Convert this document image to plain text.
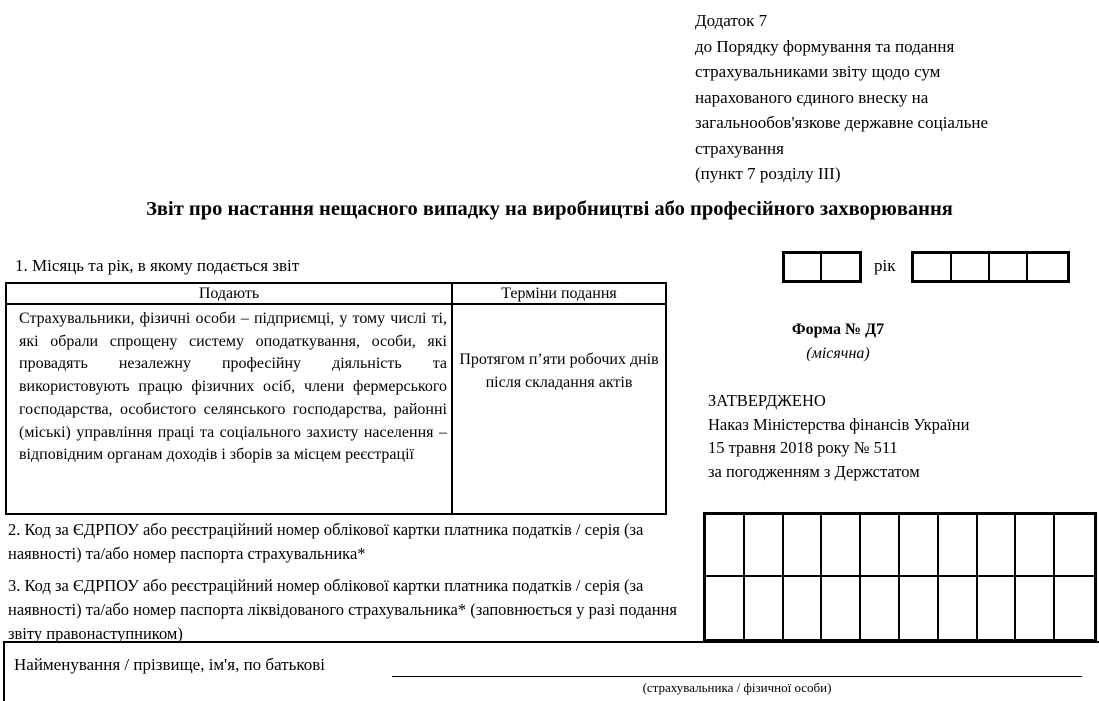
Додаток 7
до Порядку формування та подання
страхувальниками звіту щодо сум
нарахованого єдиного внеску на
загальнообов'язкове державне соціальне
страхування
(пункт 7 розділу ІІІ)
Звіт про настання нещасного випадку на виробництві або професійного захворювання
1. Місяць та рік, в якому подається звіт	рік
Подають	Терміни подання
Страхувальники, фізичні особи – підприємці, у тому числі ті, які обрали спрощену систему оподаткування, особи, які провадять незалежну професійну діяльність та використовують працю фізичних осіб, члени фермерського господарства, особистого селянського господарства, районні (міські) управління праці та соціального захисту населення – відповідним органам доходів і зборів за місцем реєстрації	Протягом п’яти робочих днів після складання актів
Форма № Д7
(місячна)
ЗАТВЕРДЖЕНО
Наказ Міністерства фінансів України
15 травня 2018 року № 511
за погодженням з Держстатом
2. Код за ЄДРПОУ або реєстраційний номер облікової картки платника податків / серія (за наявності) та/або номер паспорта страхувальника*
3. Код за ЄДРПОУ або реєстраційний номер облікової картки платника податків / серія (за наявності) та/або номер паспорта ліквідованого страхувальника* (заповнюється у разі подання звіту правонаступником)
Найменування / прізвище, ім'я, по батькові
(страхувальника / фізичної особи)
